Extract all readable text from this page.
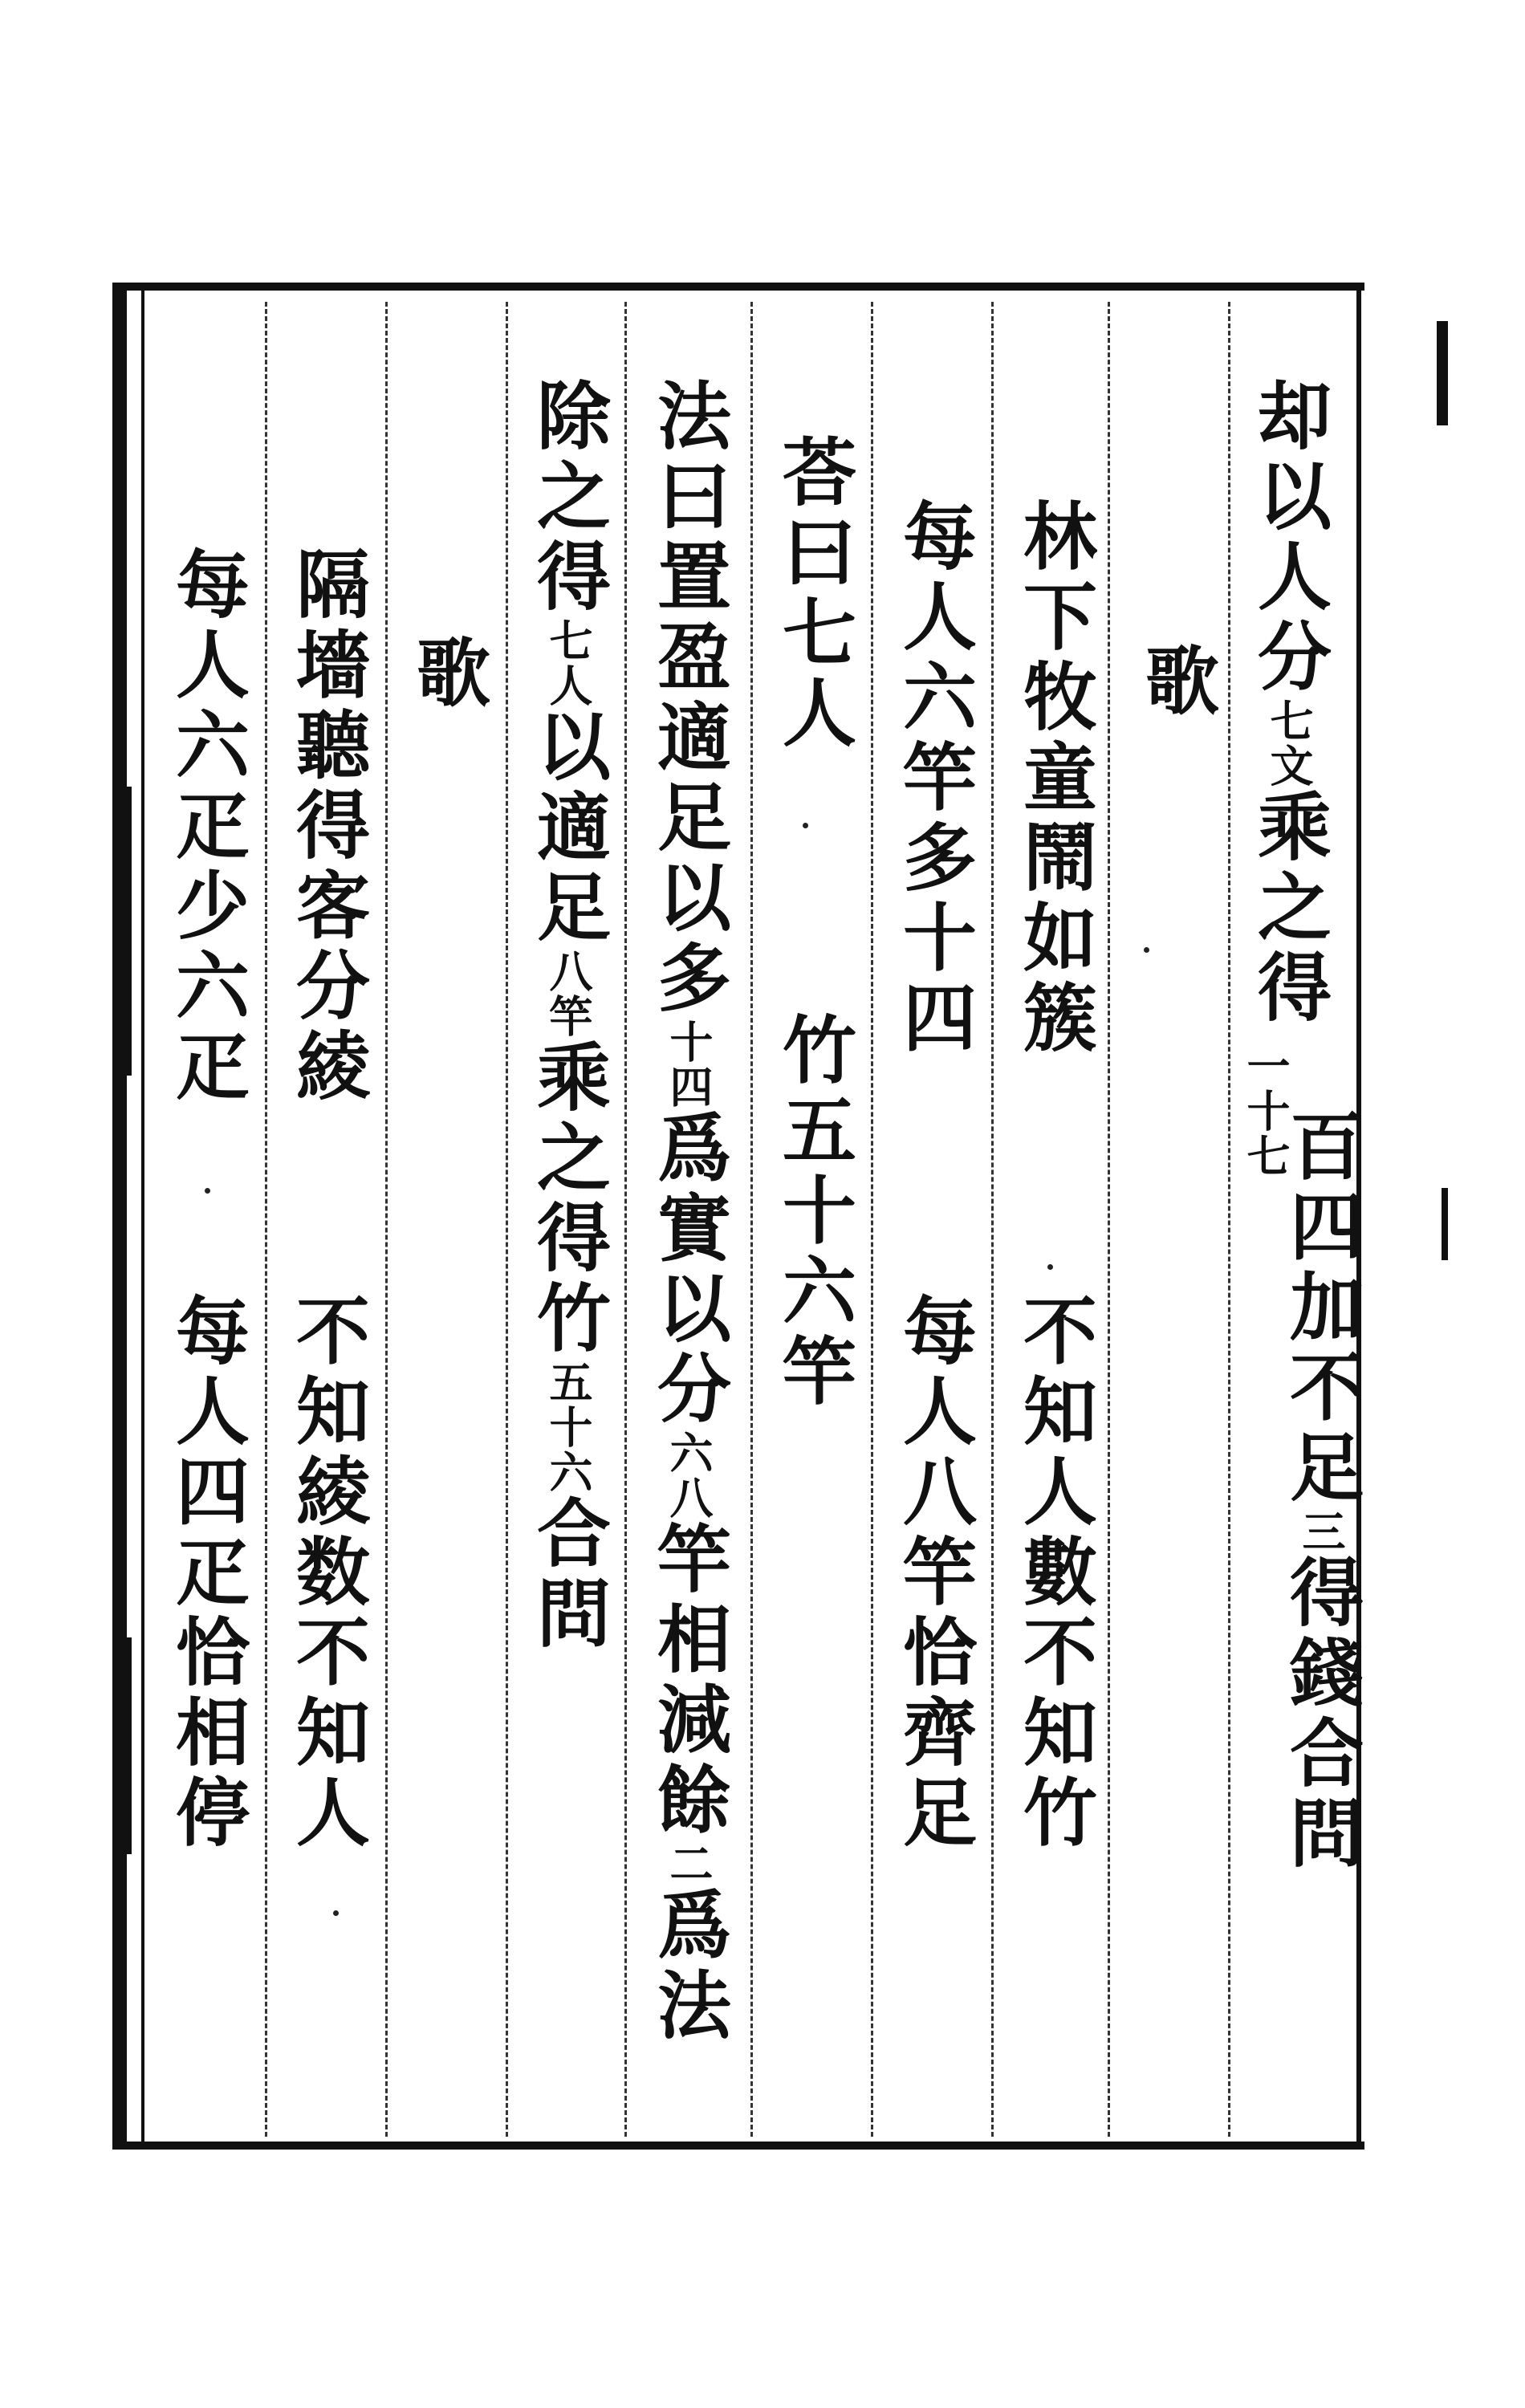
却以人分七文乘之得
一十七
百四加不足三得錢合問
歌
林下牧童鬧如簇
不知人數不知竹
每人六竿多十四
每人八竿恰齊足
荅曰七人
竹五十六竿
法曰置盈適足以多十四爲實以分六八竿相減餘二爲法
除之得七人以適足八竿乘之得竹五十六合問
歌
隔墻聽得客分綾
不知綾数不知人
每人六疋少六疋
每人四疋恰相停
